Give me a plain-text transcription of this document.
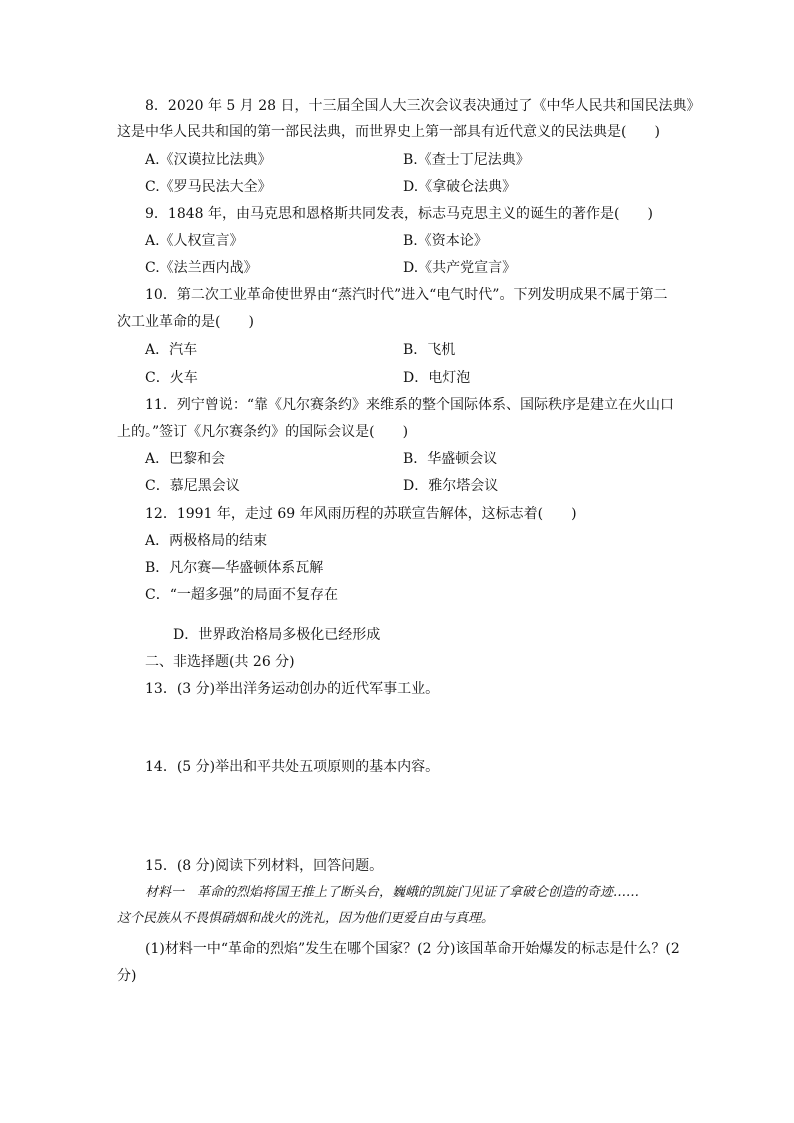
8．2020 年 5 月 28 日，十三届全国人大三次会议表决通过了《中华人民共和国民法典》
这是中华人民共和国的第一部民法典，而世界史上第一部具有近代意义的民法典是(　　)
A.《汉谟拉比法典》	B.《查士丁尼法典》
C.《罗马民法大全》	D.《拿破仑法典》
9．1848 年，由马克思和恩格斯共同发表，标志马克思主义的诞生的著作是(　　)
A.《人权宣言》	B.《资本论》
C.《法兰西内战》	D.《共产党宣言》
10．第二次工业革命使世界由“蒸汽时代”进入“电气时代”。下列发明成果不属于第二
次工业革命的是(　　)
A．汽车	B．飞机
C．火车	D．电灯泡
11．列宁曾说：“靠《凡尔赛条约》来维系的整个国际体系、国际秩序是建立在火山口
上的。”签订《凡尔赛条约》的国际会议是(　　)
A．巴黎和会	B．华盛顿会议
C．慕尼黑会议	D．雅尔塔会议
12．1991 年，走过 69 年风雨历程的苏联宣告解体，这标志着(　　)
A．两极格局的结束
B．凡尔赛—华盛顿体系瓦解
C．“一超多强”的局面不复存在
D．世界政治格局多极化已经形成
二、非选择题(共 26 分)
13．(3 分)举出洋务运动创办的近代军事工业。
14．(5 分)举出和平共处五项原则的基本内容。
15．(8 分)阅读下列材料，回答问题。
材料一　革命的烈焰将国王推上了断头台，巍峨的凯旋门见证了拿破仑创造的奇迹……
这个民族从不畏惧硝烟和战火的洗礼，因为他们更爱自由与真理。
(1)材料一中“革命的烈焰”发生在哪个国家？(2 分)该国革命开始爆发的标志是什么？(2
分)
